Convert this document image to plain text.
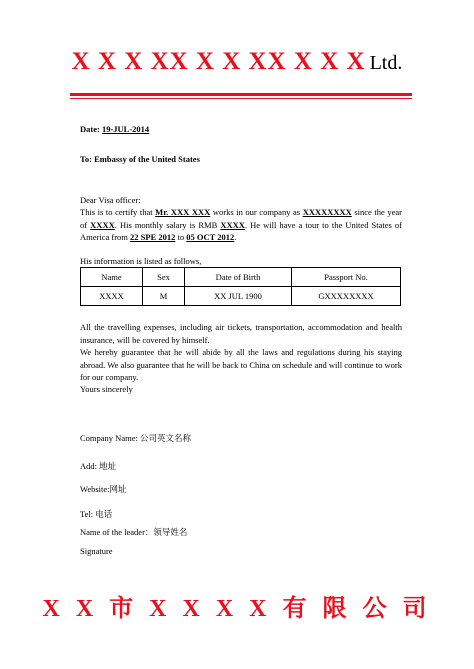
X X X XX X X XX X X X Ltd.
Date: 19-JUL-2014
To: Embassy of the United States
Dear Visa officer:
This is to certify that Mr. XXX XXX works in our company as XXXXXXXX since the year of XXXX. His monthly salary is RMB XXXX. He will have a tour to the United States of America from 22 SPE 2012 to 05 OCT 2012.
His information is listed as follows,
Name	Sex	Date of Birth	Passport No.
XXXX	M	XX JUL 1900	GXXXXXXXX
All the travelling expenses, including air tickets, transportation, accommodation and health insurance, will be covered by himself.
We hereby guarantee that he will abide by all the laws and regulations during his staying abroad. We also guarantee that he will be back to China on schedule and will continue to work for our company.
Yours sincerely
Company Name: 公司英文名称
Add: 地址
Website:网址
Tel: 电话
Name of the leader：领导姓名
Signature
X X 市 X X X X 有 限 公 司
